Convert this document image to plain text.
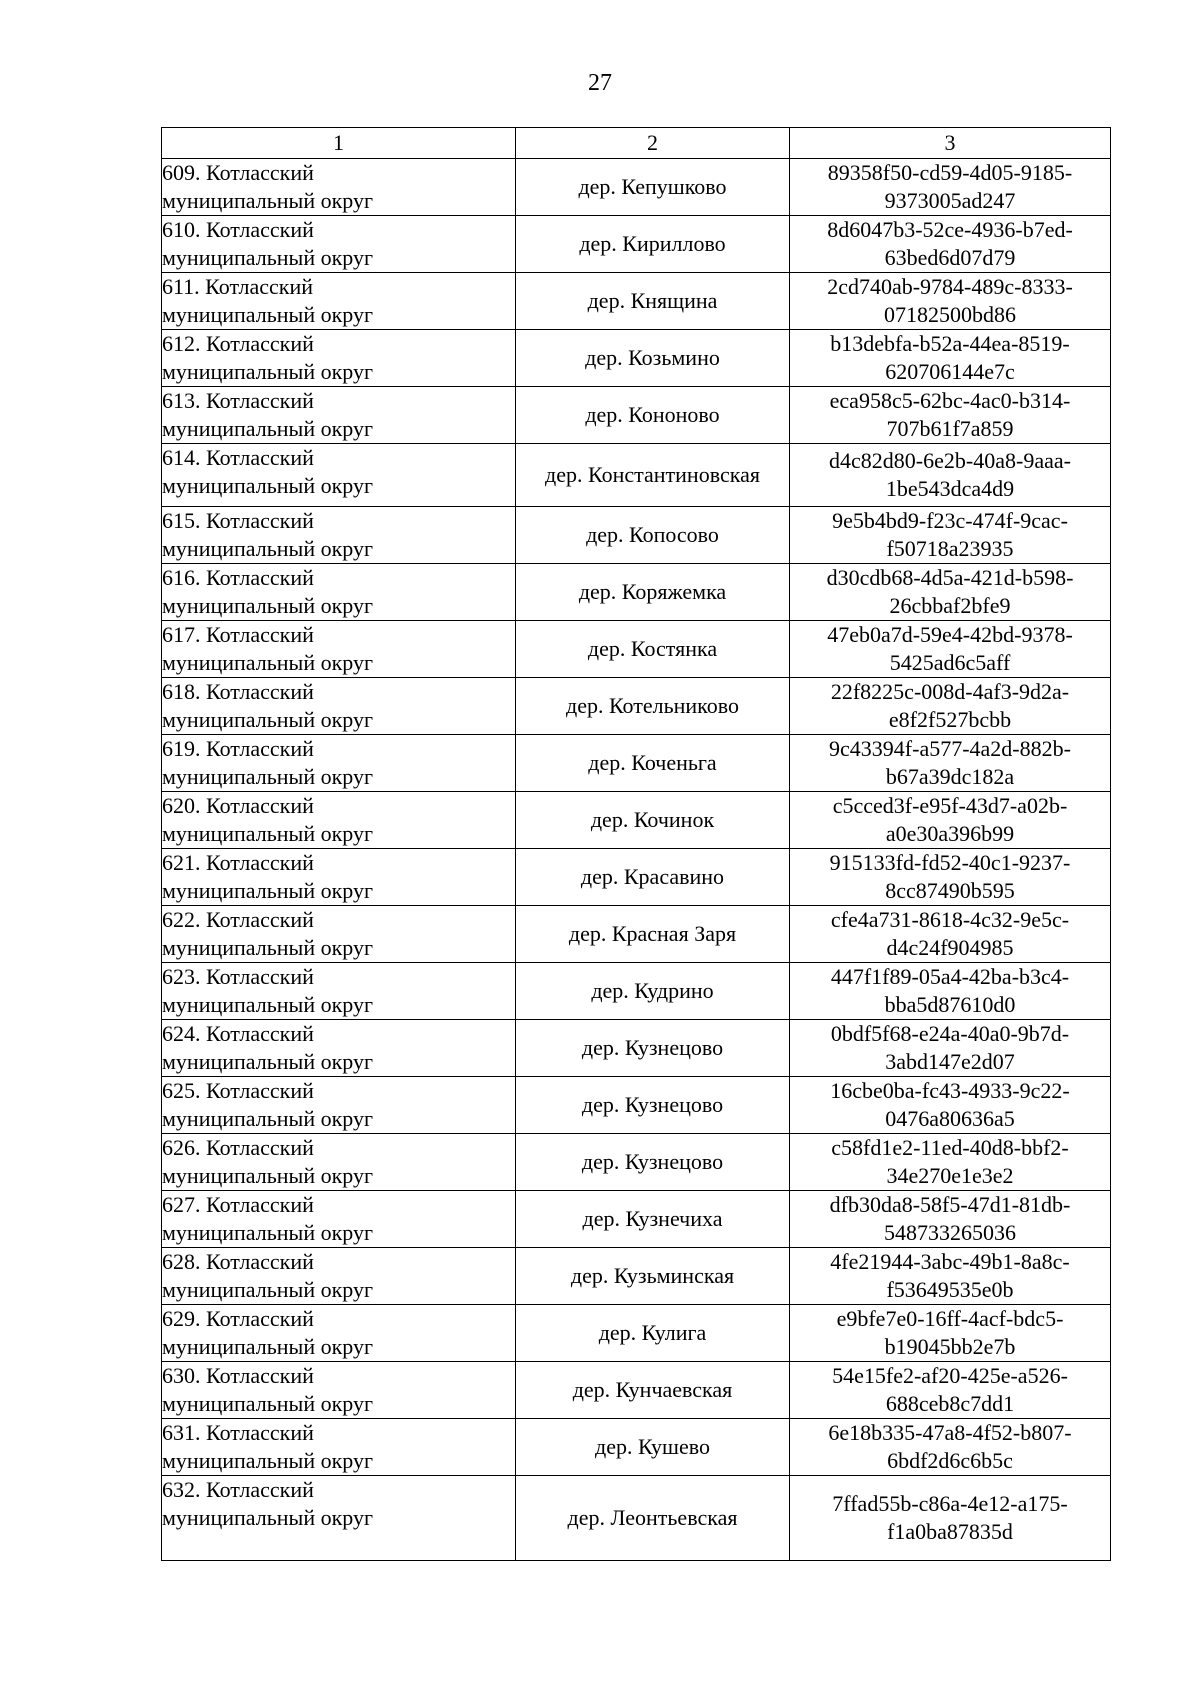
27
1	2	3

609. Котласский
муниципальный округ	дер. Кепушково	89358f50-cd59-4d05-9185-
9373005ad247

610. Котласский
муниципальный округ	дер. Кириллово	8d6047b3-52ce-4936-b7ed-
63bed6d07d79

611. Котласский
муниципальный округ	дер. Княщина	2cd740ab-9784-489c-8333-
07182500bd86

612. Котласский
муниципальный округ	дер. Козьмино	b13debfa-b52a-44ea-8519-
620706144e7c

613. Котласский
муниципальный округ	дер. Кононово	eca958c5-62bc-4ac0-b314-
707b61f7a859

614. Котласский
муниципальный округ	дер. Константиновская	d4c82d80-6e2b-40a8-9aaa-
1be543dca4d9

615. Котласский
муниципальный округ	дер. Копосово	9e5b4bd9-f23c-474f-9cac-
f50718a23935

616. Котласский
муниципальный округ	дер. Коряжемка	d30cdb68-4d5a-421d-b598-
26cbbaf2bfe9

617. Котласский
муниципальный округ	дер. Костянка	47eb0a7d-59e4-42bd-9378-
5425ad6c5aff

618. Котласский
муниципальный округ	дер. Котельниково	22f8225c-008d-4af3-9d2a-
e8f2f527bcbb

619. Котласский
муниципальный округ	дер. Коченьга	9c43394f-a577-4a2d-882b-
b67a39dc182a

620. Котласский
муниципальный округ	дер. Кочинок	c5cced3f-e95f-43d7-a02b-
a0e30a396b99

621. Котласский
муниципальный округ	дер. Красавино	915133fd-fd52-40c1-9237-
8cc87490b595

622. Котласский
муниципальный округ	дер. Красная Заря	cfe4a731-8618-4c32-9e5c-
d4c24f904985

623. Котласский
муниципальный округ	дер. Кудрино	447f1f89-05a4-42ba-b3c4-
bba5d87610d0

624. Котласский
муниципальный округ	дер. Кузнецово	0bdf5f68-e24a-40a0-9b7d-
3abd147e2d07

625. Котласский
муниципальный округ	дер. Кузнецово	16cbe0ba-fc43-4933-9c22-
0476a80636a5

626. Котласский
муниципальный округ	дер. Кузнецово	c58fd1e2-11ed-40d8-bbf2-
34e270e1e3e2

627. Котласский
муниципальный округ	дер. Кузнечиха	dfb30da8-58f5-47d1-81db-
548733265036

628. Котласский
муниципальный округ	дер. Кузьминская	4fe21944-3abc-49b1-8a8c-
f53649535e0b

629. Котласский
муниципальный округ	дер. Кулига	e9bfe7e0-16ff-4acf-bdc5-
b19045bb2e7b

630. Котласский
муниципальный округ	дер. Кунчаевская	54e15fe2-af20-425e-a526-
688ceb8c7dd1

631. Котласский
муниципальный округ	дер. Кушево	6e18b335-47a8-4f52-b807-
6bdf2d6c6b5c

632. Котласский
муниципальный округ	дер. Леонтьевская	7ffad55b-c86a-4e12-a175-
f1a0ba87835d
